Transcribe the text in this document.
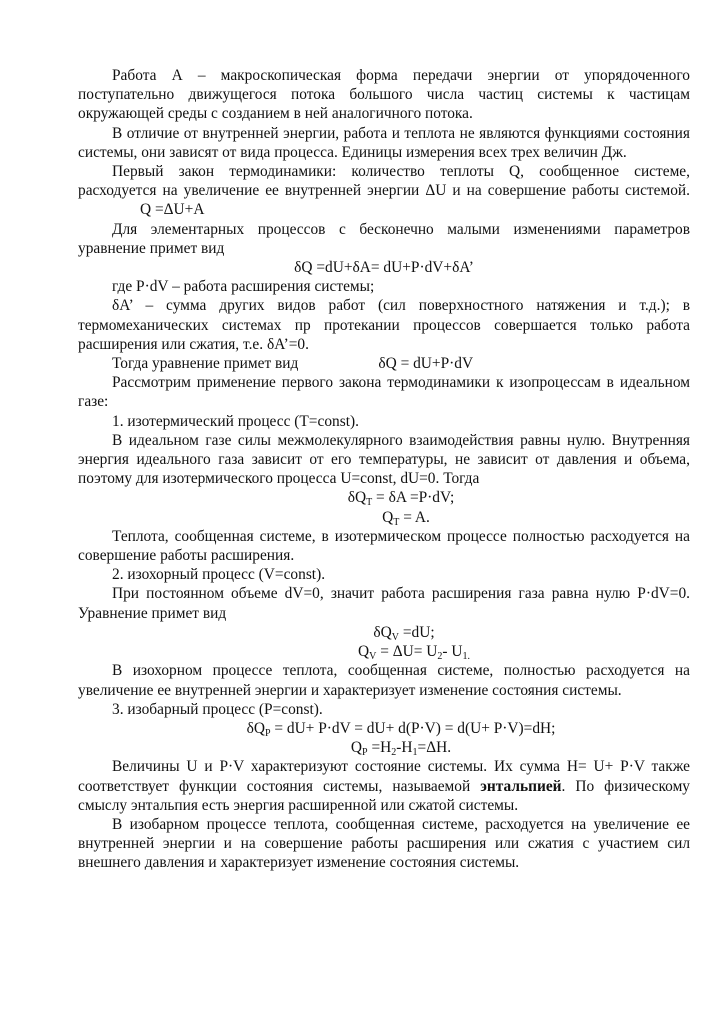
Работа А – макроскопическая форма передачи энергии от упорядоченного поступательно движущегося потока большого числа частиц системы к частицам окружающей среды с созданием в ней аналогичного потока.

В отличие от внутренней энергии, работа и теплота не являются функциями состояния системы, они зависят от вида процесса. Единицы измерения всех трех величин Дж.

Первый закон термодинамики: количество теплоты Q, сообщенное системе, расходуется на увеличение ее внутренней энергии ΔU и на совершение работы системой.Q =ΔU+A

Для элементарных процессов с бесконечно малыми изменениями параметров уравнение примет вид

δQ =dU+δA= dU+P·dV+δA’

где P·dV – работа расширения системы;

δA’ – сумма других видов работ (сил поверхностного натяжения и т.д.); в термомеханических системах пр протекании процессов совершается только работа расширения или сжатия, т.е. δA’=0.

Тогда уравнение примет вид	δQ = dU+P·dV

Рассмотрим применение первого закона термодинамики к изопроцессам в идеальном газе:

1. изотермический процесс (T=const).

В идеальном газе силы межмолекулярного взаимодействия равны нулю. Внутренняя энергия идеального газа зависит от его температуры, не зависит от давления и объема, поэтому для изотермического процесса U=const, dU=0. Тогда

$\delta Q_T = \delta A =P\cdot dV$;

$Q_T = A$.

Теплота, сообщенная системе, в изотермическом процессе полностью расходуется на совершение работы расширения.

2. изохорный процесс (V=const).

При постоянном объеме dV=0, значит работа расширения газа равна нулю P·dV=0. Уравнение примет вид

$\delta Q_V =dU$;

$Q_V = \Delta U= U_2-$ $U_{1.}$

В изохорном процессе теплота, сообщенная системе, полностью расходуется на увеличение ее внутренней энергии и характеризует изменение состояния системы.

3. изобарный процесс (P=const).

$\delta Q_P = dU+ P\cdot dV = dU+ d(P\cdot V) = d(U+ P\cdot V)=dH$;

$Q_P =H_2-H_1=\Delta H$.

Величины U и P·V характеризуют состояние системы. Их сумма H= U+ P·V также соответствует функции состояния системы, называемой энтальпией. По физическому смыслу энтальпия есть энергия расширенной или сжатой системы.

В изобарном процессе теплота, сообщенная системе, расходуется на увеличение ее внутренней энергии и на совершение работы расширения или сжатия с участием сил внешнего давления и характеризует изменение состояния системы.
